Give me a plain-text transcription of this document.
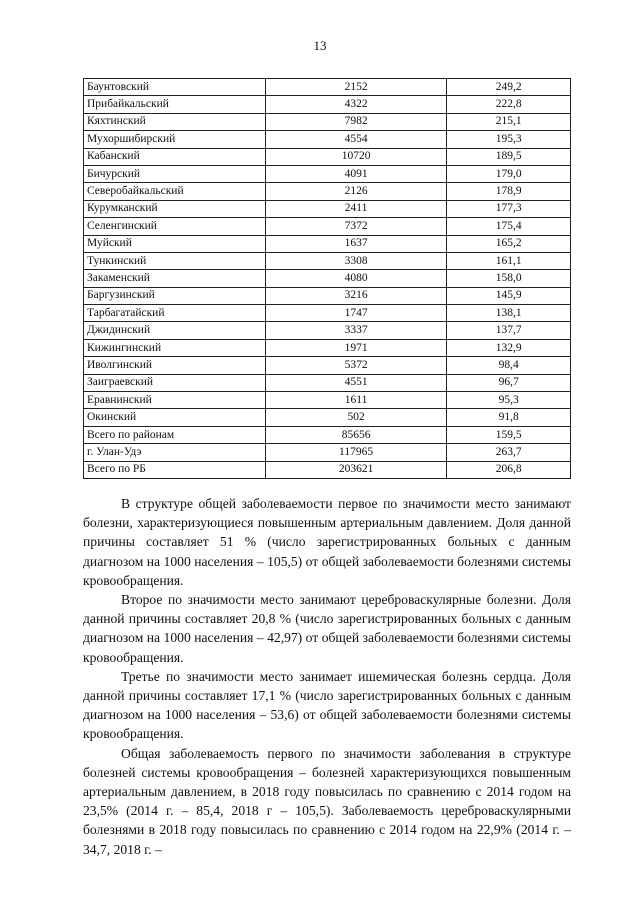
13
Баунтовский	2152	249,2
Прибайкальский	4322	222,8
Кяхтинский	7982	215,1
Мухоршибирский	4554	195,3
Кабанский	10720	189,5
Бичурский	4091	179,0
Северобайкальский	2126	178,9
Курумканский	2411	177,3
Селенгинский	7372	175,4
Муйский	1637	165,2
Тункинский	3308	161,1
Закаменский	4080	158,0
Баргузинский	3216	145,9
Тарбагатайский	1747	138,1
Джидинский	3337	137,7
Кижингинский	1971	132,9
Иволгинский	5372	98,4
Заиграевский	4551	96,7
Еравнинский	1611	95,3
Окинский	502	91,8
Всего по районам	85656	159,5
г. Улан-Удэ	117965	263,7
Всего по РБ	203621	206,8

В структуре общей заболеваемости первое по значимости место занимают болезни, характеризующиеся повышенным артериальным давлением. Доля данной причины составляет 51 % (число зарегистрированных больных с данным диагнозом на 1000 населения – 105,5) от общей заболеваемости болезнями системы кровообращения.

Второе по значимости место занимают цереброваскулярные болезни. Доля данной причины составляет 20,8 % (число зарегистрированных больных с данным диагнозом на 1000 населения – 42,97) от общей заболеваемости болезнями системы кровообращения.

Третье по значимости место занимает ишемическая болезнь сердца. Доля данной причины составляет 17,1 % (число зарегистрированных больных с данным диагнозом на 1000 населения – 53,6) от общей заболеваемости болезнями системы кровообращения.

Общая заболеваемость первого по значимости заболевания в структуре болезней системы кровообращения – болезней характеризующихся повышенным артериальным давлением, в 2018 году повысилась по сравнению с 2014 годом на 23,5% (2014 г. – 85,4, 2018 г – 105,5). Заболеваемость цереброваскулярными болезнями в 2018 году повысилась по сравнению с 2014 годом на 22,9% (2014 г. – 34,7, 2018 г. –
